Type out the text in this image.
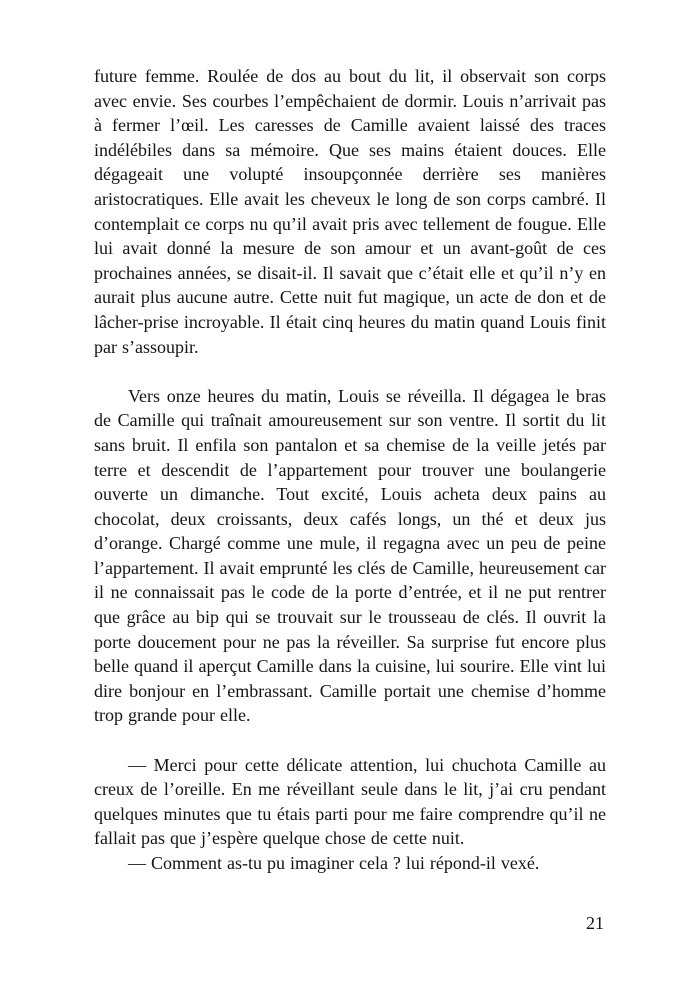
future femme. Roulée de dos au bout du lit, il observait son corps avec envie. Ses courbes l’empêchaient de dormir. Louis n’arrivait pas à fermer l’œil. Les caresses de Camille avaient laissé des traces indélébiles dans sa mémoire. Que ses mains étaient douces. Elle dégageait une volupté insoupçonnée derrière ses manières aristocratiques. Elle avait les cheveux le long de son corps cambré. Il contemplait ce corps nu qu’il avait pris avec tellement de fougue. Elle lui avait donné la mesure de son amour et un avant-goût de ces prochaines années, se disait-il. Il savait que c’était elle et qu’il n’y en aurait plus aucune autre. Cette nuit fut magique, un acte de don et de lâcher-prise incroyable. Il était cinq heures du matin quand Louis finit par s’assoupir.

Vers onze heures du matin, Louis se réveilla. Il dégagea le bras de Camille qui traînait amoureusement sur son ventre. Il sortit du lit sans bruit. Il enfila son pantalon et sa chemise de la veille jetés par terre et descendit de l’appartement pour trouver une boulangerie ouverte un dimanche. Tout excité, Louis acheta deux pains au chocolat, deux croissants, deux cafés longs, un thé et deux jus d’orange. Chargé comme une mule, il regagna avec un peu de peine l’appartement. Il avait emprunté les clés de Camille, heureusement car il ne connaissait pas le code de la porte d’entrée, et il ne put rentrer que grâce au bip qui se trouvait sur le trousseau de clés. Il ouvrit la porte doucement pour ne pas la réveiller. Sa surprise fut encore plus belle quand il aperçut Camille dans la cuisine, lui sourire. Elle vint lui dire bonjour en l’embrassant. Camille portait une chemise d’homme trop grande pour elle.

— Merci pour cette délicate attention, lui chuchota Camille au creux de l’oreille. En me réveillant seule dans le lit, j’ai cru pendant quelques minutes que tu étais parti pour me faire comprendre qu’il ne fallait pas que j’espère quelque chose de cette nuit.

— Comment as-tu pu imaginer cela ? lui répond-il vexé.

21
